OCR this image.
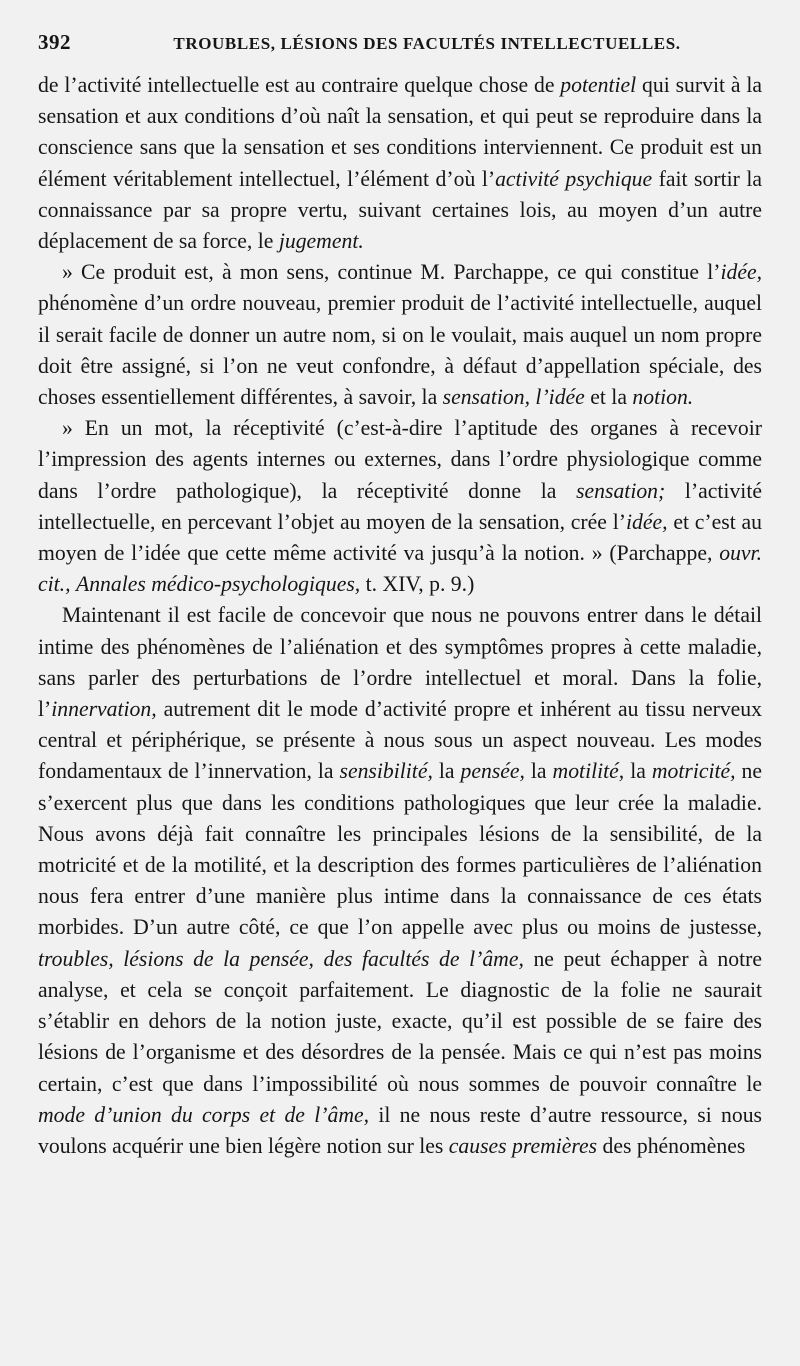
392	TROUBLES, LÉSIONS DES FACULTÉS INTELLECTUELLES.

de l’activité intellectuelle est au contraire quelque chose de potentiel qui survit à la sensation et aux conditions d’où naît la sensation, et qui peut se reproduire dans la conscience sans que la sensation et ses conditions interviennent. Ce produit est un élément véritablement intellectuel, l’élément d’où l’activité psychique fait sortir la connaissance par sa propre vertu, suivant certaines lois, au moyen d’un autre déplacement de sa force, le jugement.

» Ce produit est, à mon sens, continue M. Parchappe, ce qui constitue l’idée, phénomène d’un ordre nouveau, premier produit de l’activité intellectuelle, auquel il serait facile de donner un autre nom, si on le voulait, mais auquel un nom propre doit être assigné, si l’on ne veut confondre, à défaut d’appellation spéciale, des choses essentiellement différentes, à savoir, la sensation, l’idée et la notion.

» En un mot, la réceptivité (c’est-à-dire l’aptitude des organes à recevoir l’impression des agents internes ou externes, dans l’ordre physiologique comme dans l’ordre pathologique), la réceptivité donne la sensation; l’activité intellectuelle, en percevant l’objet au moyen de la sensation, crée l’idée, et c’est au moyen de l’idée que cette même activité va jusqu’à la notion. » (Parchappe, ouvr. cit., Annales médico-psychologiques, t. XIV, p. 9.)

Maintenant il est facile de concevoir que nous ne pouvons entrer dans le détail intime des phénomènes de l’aliénation et des symptômes propres à cette maladie, sans parler des perturbations de l’ordre intellectuel et moral. Dans la folie, l’innervation, autrement dit le mode d’activité propre et inhérent au tissu nerveux central et périphérique, se présente à nous sous un aspect nouveau. Les modes fondamentaux de l’innervation, la sensibilité, la pensée, la motilité, la motricité, ne s’exercent plus que dans les conditions pathologiques que leur crée la maladie. Nous avons déjà fait connaître les principales lésions de la sensibilité, de la motricité et de la motilité, et la description des formes particulières de l’aliénation nous fera entrer d’une manière plus intime dans la connaissance de ces états morbides. D’un autre côté, ce que l’on appelle avec plus ou moins de justesse, troubles, lésions de la pensée, des facultés de l’âme, ne peut échapper à notre analyse, et cela se conçoit parfaitement. Le diagnostic de la folie ne saurait s’établir en dehors de la notion juste, exacte, qu’il est possible de se faire des lésions de l’organisme et des désordres de la pensée. Mais ce qui n’est pas moins certain, c’est que dans l’impossibilité où nous sommes de pouvoir connaître le mode d’union du corps et de l’âme, il ne nous reste d’autre ressource, si nous voulons acquérir une bien légère notion sur les causes premières des phénomènes
